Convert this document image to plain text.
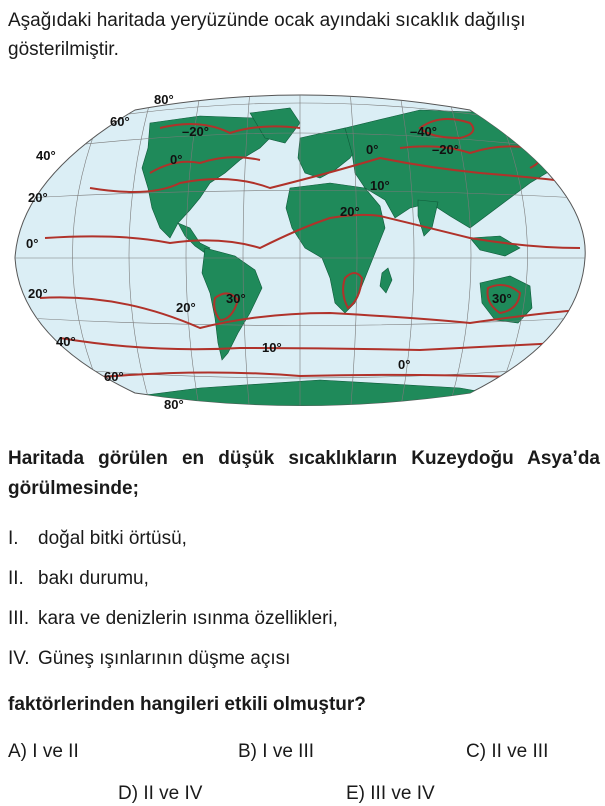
Aşağıdaki haritada yeryüzünde ocak ayındaki sıcaklık dağılışı gösterilmiştir.
80°
60°
40°
20°
0°
20°
40°
60°
80°
–20°
0°
–40°
–20°
0°
10°
20°
20°
30°	30°
10°
0°
Haritada görülen en düşük sıcaklıkların Kuzeydoğu Asya’da görülmesinde;
I. doğal bitki örtüsü,
II. bakı durumu,
III. kara ve denizlerin ısınma özellikleri,
IV. Güneş ışınlarının düşme açısı
faktörlerinden hangileri etkili olmuştur?
A) I ve II	B) I ve III	C) II ve III
D) II ve IV	E) III ve IV
